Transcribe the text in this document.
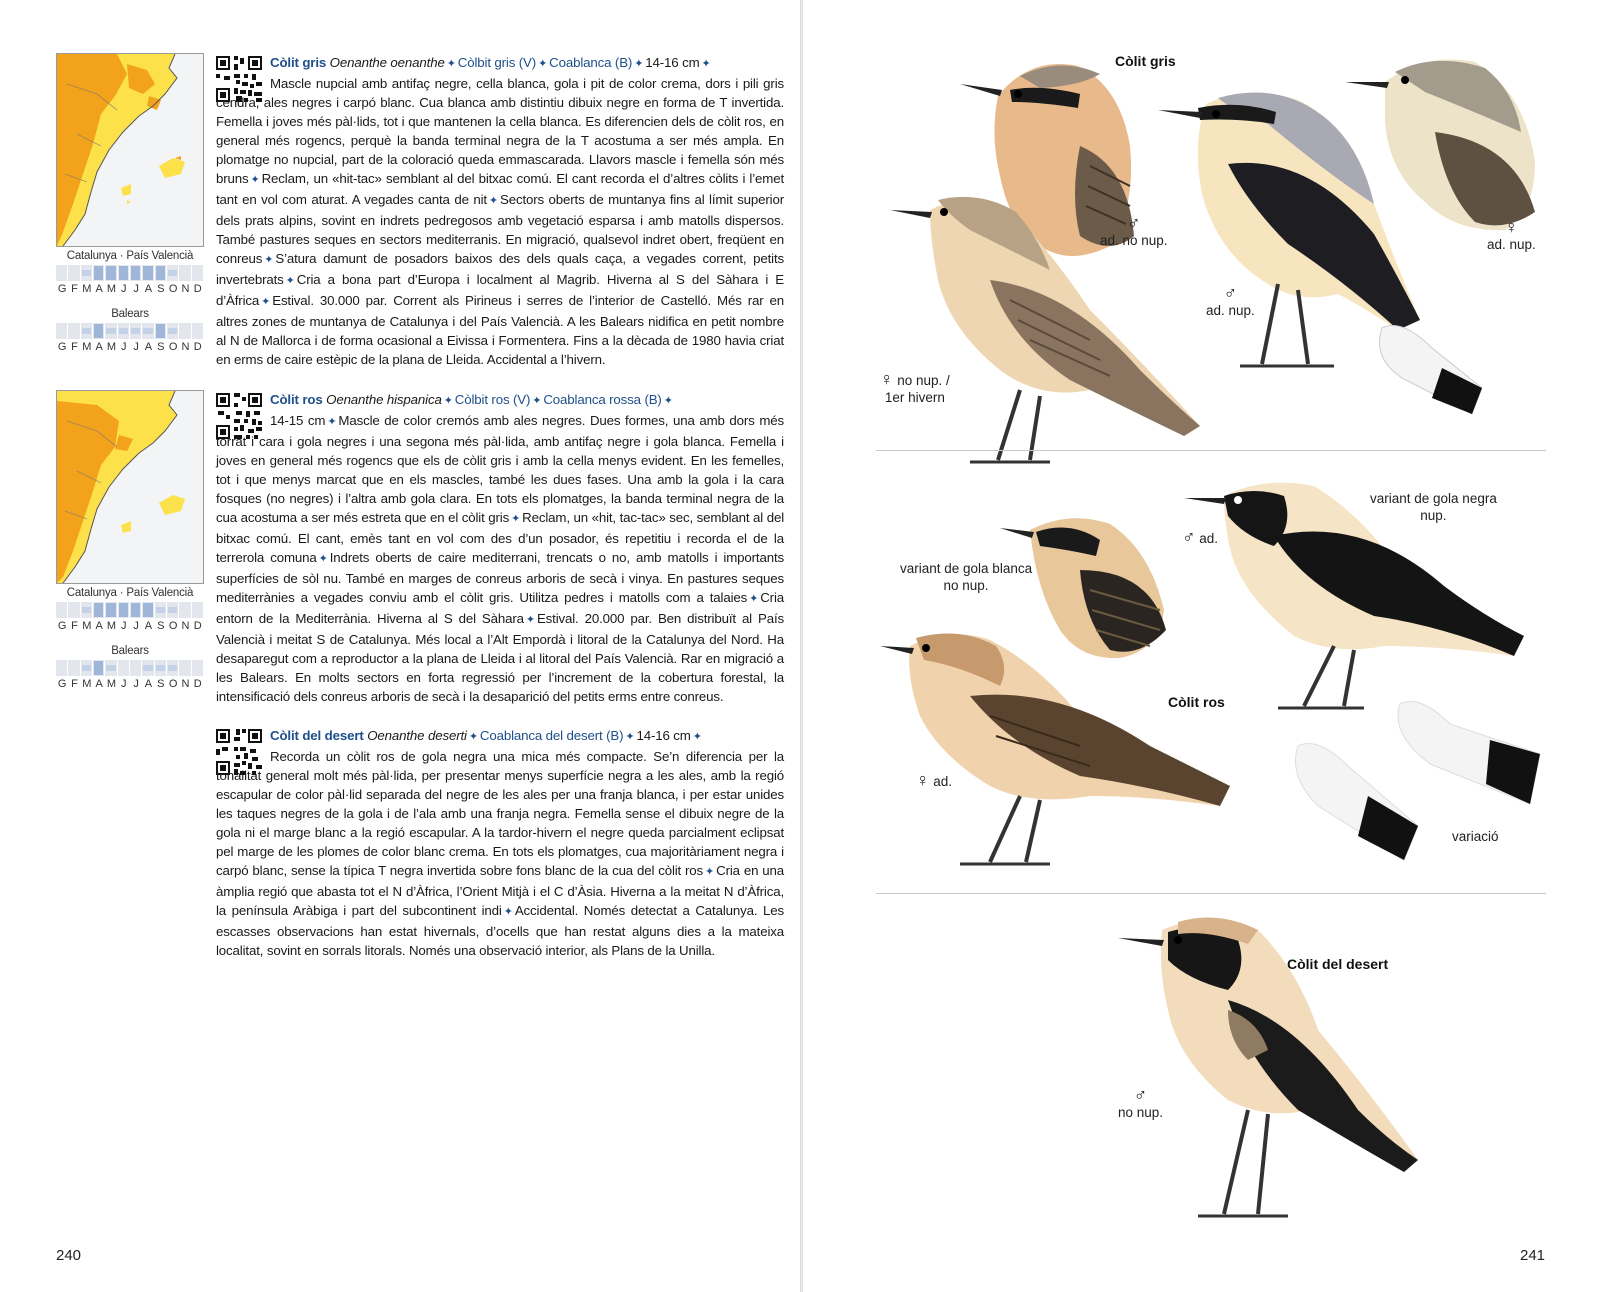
Catalunya · País Valencià
G F M A M J J A S O N D
Balears
G F M A M J J A S O N D
Còlit gris Oenanthe oenanthe ✦ Còlbit gris (V) ✦ Coablanca (B) ✦ 14-16 cm ✦
Mascle nupcial amb antifaç negre, cella blanca, gola i pit de color crema, dors i pili gris cendra, ales negres i carpó blanc. Cua blanca amb distintiu dibuix negre en forma de T invertida. Femella i joves més pàl·lids, tot i que mantenen la cella blanca. Es diferencien dels de còlit ros, en general més rogencs, perquè la banda terminal negra de la T acostuma a ser més ampla. En plomatge no nupcial, part de la coloració queda emmascarada. Llavors mascle i femella són més bruns ✦ Reclam, un «hit-tac» semblant al del bitxac comú. El cant recorda el d’altres còlits i l’emet tant en vol com aturat. A vegades canta de nit ✦ Sectors oberts de muntanya fins al límit superior dels prats alpins, sovint en indrets pedregosos amb vegetació esparsa i amb matolls dispersos. També pastures seques en sectors mediterranis. En migració, qualsevol indret obert, freqüent en conreus ✦ S’atura damunt de posadors baixos des dels quals caça, a vegades corrent, petits invertebrats ✦ Cria a bona part d’Europa i localment al Magrib. Hiverna al S del Sàhara i E d’Àfrica ✦ Estival. 30.000 par. Corrent als Pirineus i serres de l’interior de Castelló. Més rar en altres zones de muntanya de Catalunya i del País Valencià. A les Balears nidifica en petit nombre al N de Mallorca i de forma ocasional a Eivissa i Formentera. Fins a la dècada de 1980 havia criat en erms de caire estèpic de la plana de Lleida. Accidental a l’hivern.
Catalunya · País Valencià
G F M A M J J A S O N D
Balears
G F M A M J J A S O N D
Còlit ros Oenanthe hispanica ✦ Còlbit ros (V) ✦ Coablanca rossa (B) ✦
14-15 cm ✦ Mascle de color cremós amb ales negres. Dues formes, una amb dors més torrat i cara i gola negres i una segona més pàl·lida, amb antifaç negre i gola blanca. Femella i joves en general més rogencs que els de còlit gris i amb la cella menys evident. En les femelles, tot i que menys marcat que en els mascles, també les dues fases. Una amb la gola i la cara fosques (no negres) i l’altra amb gola clara. En tots els plomatges, la banda terminal negra de la cua acostuma a ser més estreta que en el còlit gris ✦ Reclam, un «hit, tac-tac» sec, semblant al del bitxac comú. El cant, emès tant en vol com des d’un posador, és repetitiu i recorda el de la terrerola comuna ✦ Indrets oberts de caire mediterrani, trencats o no, amb matolls i importants superfícies de sòl nu. També en marges de conreus arboris de secà i vinya. En pastures seques mediterrànies a vegades conviu amb el còlit gris. Utilitza pedres i matolls com a talaies ✦ Cria entorn de la Mediterrània. Hiverna al S del Sàhara ✦ Estival. 20.000 par. Ben distribuït al País Valencià i meitat S de Catalunya. Més local a l’Alt Empordà i litoral de la Catalunya del Nord. Ha desaparegut com a reproductor a la plana de Lleida i al litoral del País Valencià. Rar en migració a les Balears. En molts sectors en forta regressió per l’increment de la cobertura forestal, la intensificació dels conreus arboris de secà i la desaparició del petits erms entre conreus.
Còlit del desert Oenanthe deserti ✦ Coablanca del desert (B) ✦ 14-16 cm ✦
Recorda un còlit ros de gola negra una mica més compacte. Se’n diferencia per la tonalitat general molt més pàl·lida, per presentar menys superfície negra a les ales, amb la regió escapular de color pàl·lid separada del negre de les ales per una franja blanca, i per estar unides les taques negres de la gola i de l’ala amb una franja negra. Femella sense el dibuix negre de la gola ni el marge blanc a la regió escapular. A la tardor-hivern el negre queda parcialment eclipsat pel marge de les plomes de color blanc crema. En tots els plomatges, cua majoritàriament negra i carpó blanc, sense la típica T negra invertida sobre fons blanc de la cua del còlit ros ✦ Cria en una àmplia regió que abasta tot el N d’Àfrica, l’Orient Mitjà i el C d’Àsia. Hiverna a la meitat N d’Àfrica, la península Aràbiga i part del subcontinent indi ✦ Accidental. Només detectat a Catalunya. Les escasses observacions han estat hivernals, d’ocells que han restat alguns dies a la mateixa localitat, sovint en sorrals litorals. Només una observació interior, als Plans de la Unilla.
240
Còlit gris
♂
ad. no nup.
♂
ad. nup.
♀
ad. nup.
♀ no nup. /
1er hivern
variant de gola blanca
no nup.
♂ ad.
variant de gola negra
nup.
Còlit ros
♀ ad.
variació
Còlit del desert
♂
no nup.
241
